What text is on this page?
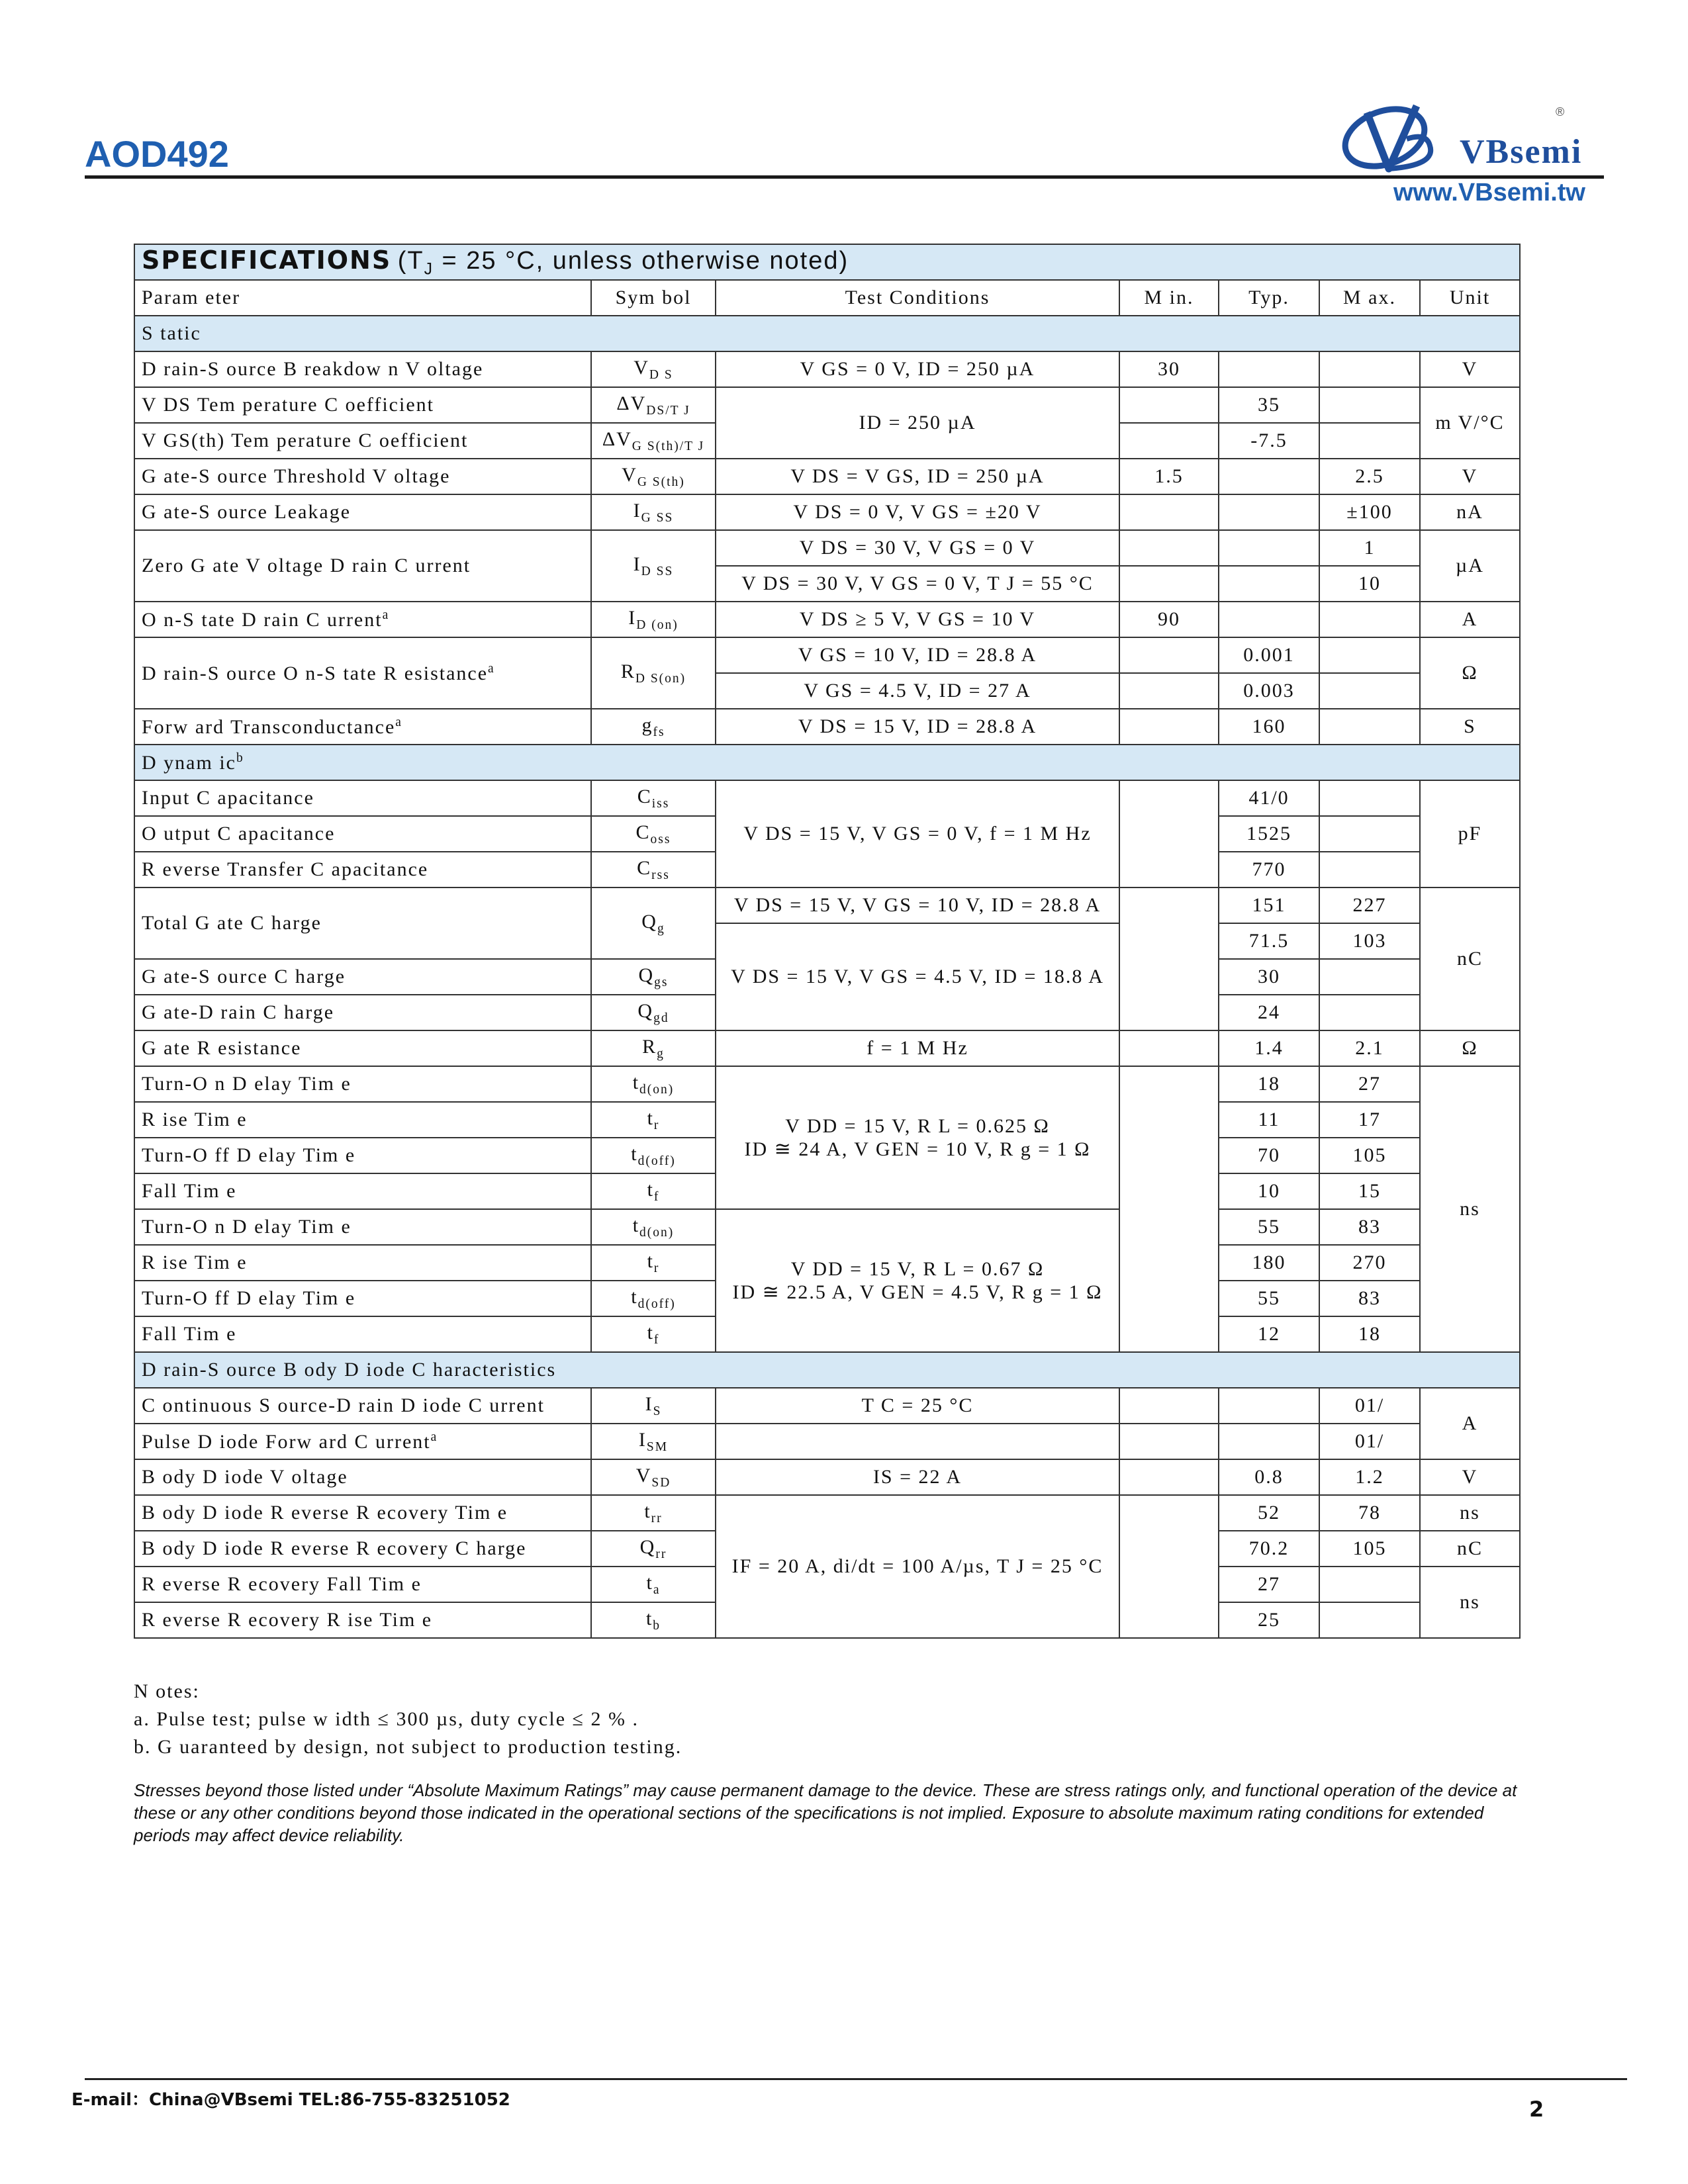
AOD492
®
VBsemi
www.VBsemi.tw
SPECIFICATIONS ($T_J = 25$ °C, unless otherwise noted)						
Param eter	Sym bol	Test Conditions	M in.	Typ.	M ax.	Unit
S tatic						
D rain-S ource B reakdow n V oltage	$V_{D S}$	V GS = 0 V, ID = 250 µA	30			V
V DS Tem perature C oefficient	$\Delta V_{DS/T J}$	ID = 250 µA		35		m V/°C
V GS(th) Tem perature C oefficient	$\Delta V_{G S(th)/T J}$			-7.5		
G ate-S ource Threshold V oltage	$V_{G S(th)}$	V DS = V GS, ID = 250 µA	1.5		2.5	V
G ate-S ource Leakage	$I_{G SS}$	V DS = 0 V, V GS = ±20 V			±100	nA
Zero G ate V oltage D rain C urrent	$I_{D SS}$	V DS = 30 V, V GS = 0 V			1	µA
		V DS = 30 V, V GS = 0 V, T J = 55 °C			10	
O n-S tate D rain C urrent$^a$	$I_{D (on)}$	V DS ≥ 5 V, V GS = 10 V	90			A
D rain-S ource O n-S tate R esistance$^a$	$R_{D S(on)}$	V GS = 10 V, ID = 28.8 A		0.001		Ω
		V GS = 4.5 V, ID = 27 A		0.003		
Forw ard Transconductance$^a$	$g_{fs}$	V DS = 15 V, ID = 28.8 A		160		S
D ynam $ic^b$
Input C apacitance	$C_{iss}$	V DS = 15 V, V GS = 0 V, f = 1 M Hz		41/0		pF
O utput C apacitance	$C_{oss}$			1525		
R everse Transfer C apacitance	$C_{rss}$			770		
Total G ate C harge	$Q_g$	V DS = 15 V, V GS = 10 V, ID = 28.8 A		151	227	nC
		V DS = 15 V, V GS = 4.5 V, ID = 18.8 A		71.5	103	
G ate-S ource C harge	$Q_{gs}$			30		
G ate-D rain C harge	$Q_{gd}$			24		
G ate R esistance	$R_g$	f = 1 M Hz		1.4	2.1	Ω
Turn-O n D elay Tim e	$t_{d(on)}$	V DD = 15 V, R L = 0.625 Ω
ID ≅ 24 A, V GEN = 10 V, R g = 1 Ω		18	27	ns
R ise Tim e	$t_r$			11	17	
Turn-O ff D elay Tim e	$t_{d(off)}$			70	105	
Fall Tim e	$t_f$			10	15	
Turn-O n D elay Tim e	$t_{d(on)}$	V DD = 15 V, R L = 0.67 Ω
ID ≅ 22.5 A, V GEN = 4.5 V, R g = 1 Ω		55	83	
R ise Tim e	$t_r$			180	270	
Turn-O ff D elay Tim e	$t_{d(off)}$			55	83	
Fall Tim e	$t_f$			12	18	
D rain-S ource B ody D iode C haracteristics						
C ontinuous S ource-D rain D iode C urrent	$I_S$	T C = 25 °C			01/	A
Pulse D iode Forw ard C urrent$^a$	$I_{SM}$				01/	
B ody D iode V oltage	$V_{SD}$	IS = 22 A		0.8	1.2	V
B ody D iode R everse R ecovery Tim e	$t_{rr}$	IF = 20 A, di/dt = 100 A/µs, T J = 25 °C		52	78	ns
B ody D iode R everse R ecovery C harge	$Q_{rr}$			70.2	105	nC
R everse R ecovery Fall Tim e	$t_a$			27		ns
R everse R ecovery R ise Tim e	$t_b$			25		
N otes:
a. Pulse test; pulse w idth ≤ 300 µs, duty cycle ≤ 2 % .
b. G uaranteed by design, not subject to production testing.
Stresses beyond those listed under “Absolute Maximum Ratings” may cause permanent damage to the device. These are stress ratings only, and functional operation of the device at these or any other conditions beyond those indicated in the operational sections of the specifications is not implied. Exposure to absolute maximum rating conditions for extended periods may affect device reliability.
E-mail：China@VBsemi TEL:86-755-83251052	2
